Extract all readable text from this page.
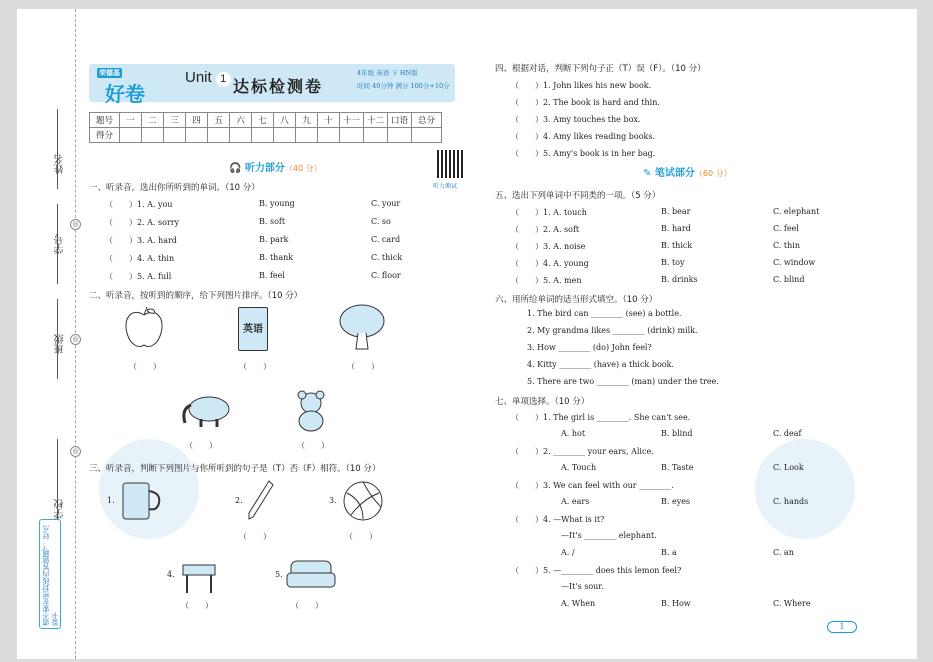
姓名
学号
班级
学校
◎
◎
◎
请不要在密封线内答题哦！ 好点鉴卡
荣德基
好卷
Unit 1 达标检测卷
4年级 英语 下 HN版
时间 40分钟 满分 100分+10分
题号	一	二	三	四	五	六	七	八	九	十	十一	十二	口语	总分
得分														
听力测试
🎧 听力部分（40 分）
一、听录音，选出你所听到的单词。（10 分）
（　　）1. A. you	B. young	C. your
（　　）2. A. sorry	B. soft	C. so
（　　）3. A. hard	B. park	C. card
（　　）4. A. thin	B. thank	C. thick
（　　）5. A. full	B. feel	C. floor
二、听录音，按听到的顺序，给下列图片排序。（10 分）
英语
（　　）	（　　）	（　　）
（　　）	（　　）
三、听录音，判断下列图片与你所听到的句子是（T）否（F）相符。（10 分）
1.	2.	3.
（　　）	（　　）
4.	5.
（　　）	（　　）
四、根据对话，判断下列句子正（T）误（F）。（10 分）
（　　）1. John likes his new book.
（　　）2. The book is hard and thin.
（　　）3. Amy touches the box.
（　　）4. Amy likes reading books.
（　　）5. Amy's book is in her bag.
✎ 笔试部分（60 分）
五、选出下列单词中不同类的一项。（5 分）
（　　）1. A. touch	B. bear	C. elephant
（　　）2. A. soft	B. hard	C. feel
（　　）3. A. noise	B. thick	C. thin
（　　）4. A. young	B. toy	C. window
（　　）5. A. men	B. drinks	C. blind
六、用所给单词的适当形式填空。（10 分）
1. The bird can ________ (see) a bottle.
2. My grandma likes ________ (drink) milk.
3. How ________ (do) John feel?
4. Kitty ________ (have) a thick book.
5. There are two ________ (man) under the tree.
七、单项选择。（10 分）
（　　）1. The girl is ________. She can't see.
A. hot	B. blind	C. deaf
（　　）2. ________ your ears, Alice.
A. Touch	B. Taste	C. Look
（　　）3. We can feel with our ________.
A. ears	B. eyes	C. hands
（　　）4. —What is it?
—It's ________ elephant.
A. /	B. a	C. an
（　　）5. —________ does this lemon feel?
—It's sour.
A. When	B. How	C. Where
1
